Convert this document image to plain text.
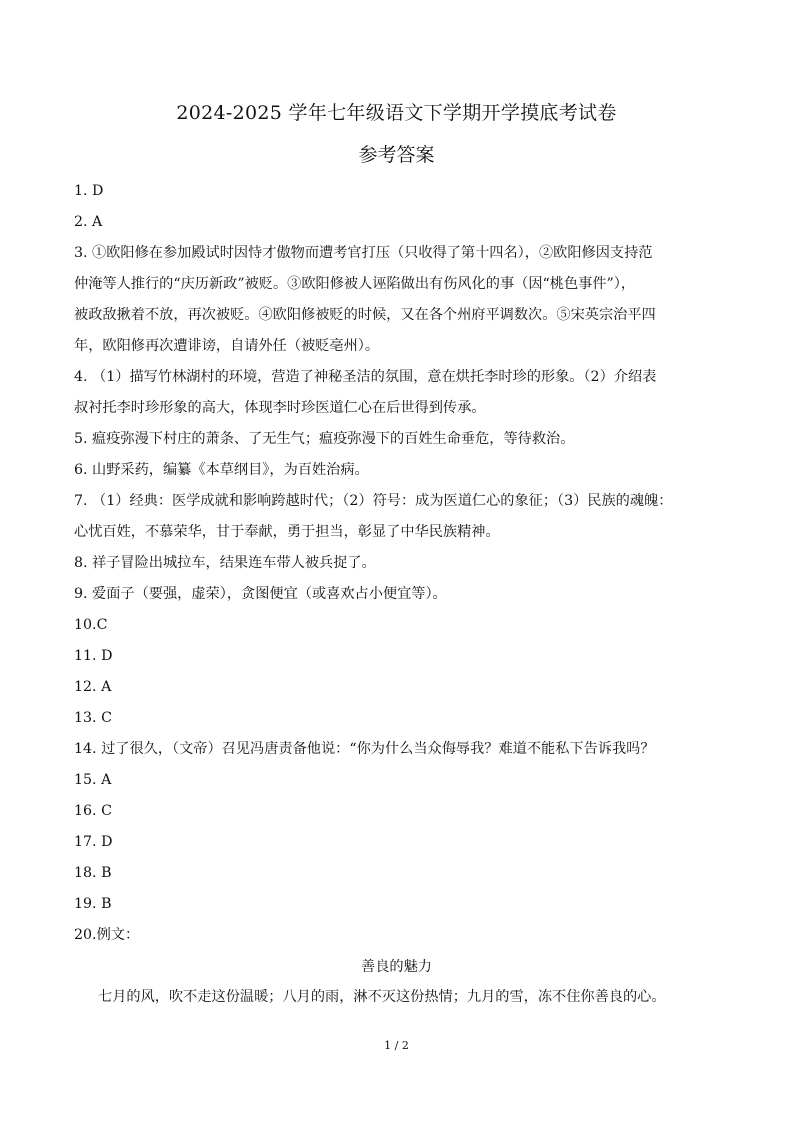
2024-2025 学年七年级语文下学期开学摸底考试卷
参考答案
1. D
2. A
3. ①欧阳修在参加殿试时因恃才傲物而遭考官打压（只收得了第十四名），②欧阳修因支持范
仲淹等人推行的“庆历新政”被贬。③欧阳修被人诬陷做出有伤风化的事（因“桃色事件”），
被政敌揪着不放，再次被贬。④欧阳修被贬的时候，又在各个州府平调数次。⑤宋英宗治平四
年，欧阳修再次遭诽谤，自请外任（被贬亳州）。
4. （1）描写竹林湖村的环境，营造了神秘圣洁的氛围，意在烘托李时珍的形象。（2）介绍表
叔衬托李时珍形象的高大，体现李时珍医道仁心在后世得到传承。
5. 瘟疫弥漫下村庄的萧条、了无生气；瘟疫弥漫下的百姓生命垂危，等待救治。
6. 山野采药，编纂《本草纲目》，为百姓治病。
7. （1）经典：医学成就和影响跨越时代；（2）符号：成为医道仁心的象征；（3）民族的魂魄：
心忧百姓，不慕荣华，甘于奉献，勇于担当，彰显了中华民族精神。
8. 祥子冒险出城拉车，结果连车带人被兵捉了。
9. 爱面子（要强，虚荣），贪图便宜（或喜欢占小便宜等）。
10.C
11. D
12. A
13. C
14. 过了很久，（文帝）召见冯唐责备他说：“你为什么当众侮辱我？难道不能私下告诉我吗？
15. A
16. C
17. D
18. B
19. B
20.例文：
善良的魅力
七月的风，吹不走这份温暖；八月的雨，淋不灭这份热情；九月的雪，冻不住你善良的心。
1 / 2
